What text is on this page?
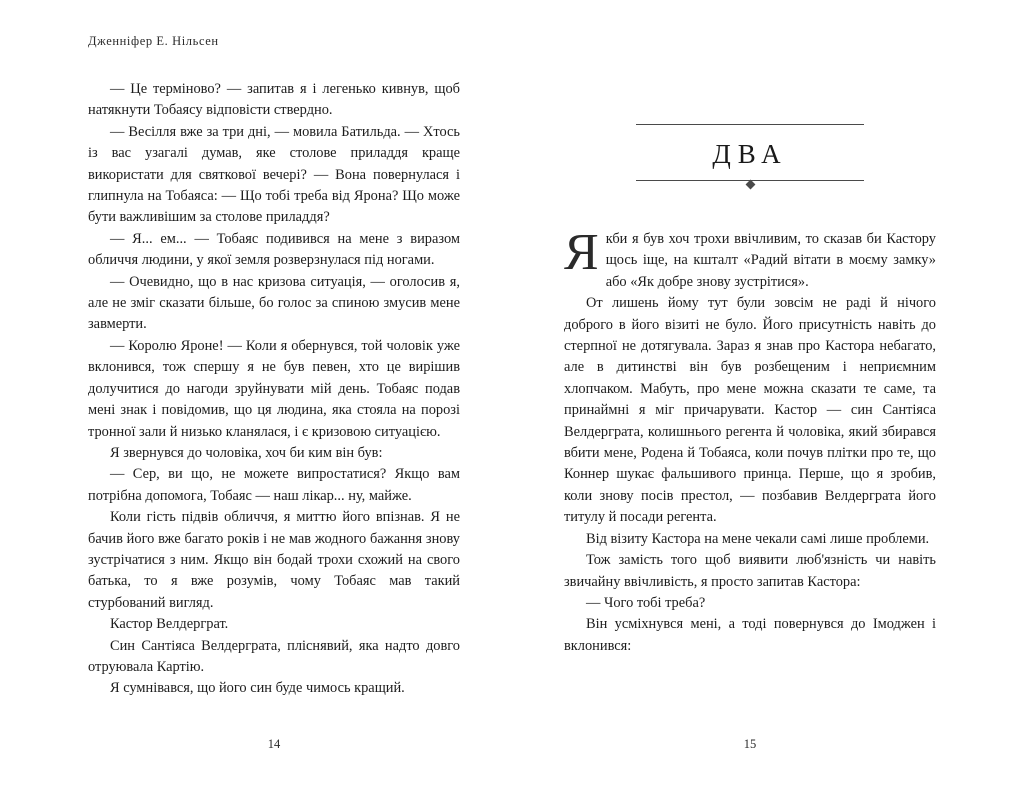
Дженніфер Е. Нільсен

— Це терміново? — запитав я і легенько кивнув, щоб натякнути Тобаясу відповісти ствердно.

— Весілля вже за три дні, — мовила Батильда. — Хтось із вас узагалі думав, яке столове приладдя краще використати для святкової вечері? — Вона повернулася і глипнула на Тобаяса: — Що тобі треба від Ярона? Що може бути важливішим за столове приладдя?

— Я... ем... — Тобаяс подивився на мене з виразом обличчя людини, у якої земля розверзнулася під ногами.

— Очевидно, що в нас кризова ситуація, — оголосив я, але не зміг сказати більше, бо голос за спиною змусив мене завмерти.

— Королю Яроне! — Коли я обернувся, той чоловік уже вклонився, тож спершу я не був певен, хто це вирішив долучитися до нагоди зруйнувати мій день. Тобаяс подав мені знак і повідомив, що ця людина, яка стояла на порозі тронної зали й низько кланялася, і є кризовою ситуацією.

Я звернувся до чоловіка, хоч би ким він був:

— Сер, ви що, не можете випростатися? Якщо вам потрібна допомога, Тобаяс — наш лікар... ну, майже.

Коли гість підвів обличчя, я миттю його впізнав. Я не бачив його вже багато років і не мав жодного бажання знову зустрічатися з ним. Якщо він бодай трохи схожий на свого батька, то я вже розумів, чому Тобаяс мав такий стурбований вигляд.

Кастор Велдерграт.

Син Сантіяса Велдерграта, пліснявий, яка надто довго отруювала Картію.

Я сумнівався, що його син буде чимось кращий.

14
ДВА

Якби я був хоч трохи ввічливим, то сказав би Кастору щось іще, на кшталт «Радий вітати в моєму замку» або «Як добре знову зустрітися».

От лишень йому тут були зовсім не раді й нічого доброго в його візиті не було. Його присутність навіть до стерпної не дотягувала. Зараз я знав про Кастора небагато, але в дитинстві він був розбещеним і неприємним хлопчаком. Мабуть, про мене можна сказати те саме, та принаймні я міг причарувати. Кастор — син Сантіяса Велдерграта, колишнього регента й чоловіка, який збирався вбити мене, Родена й Тобаяса, коли почув плітки про те, що Коннер шукає фальшивого принца. Перше, що я зробив, коли знову посів престол, — позбавив Велдерграта його титулу й посади регента.

Від візиту Кастора на мене чекали самі лише проблеми.

Тож замість того щоб виявити люб'язність чи навіть звичайну ввічливість, я просто запитав Кастора:

— Чого тобі треба?

Він усміхнувся мені, а тоді повернувся до Імоджен і вклонився:

15
